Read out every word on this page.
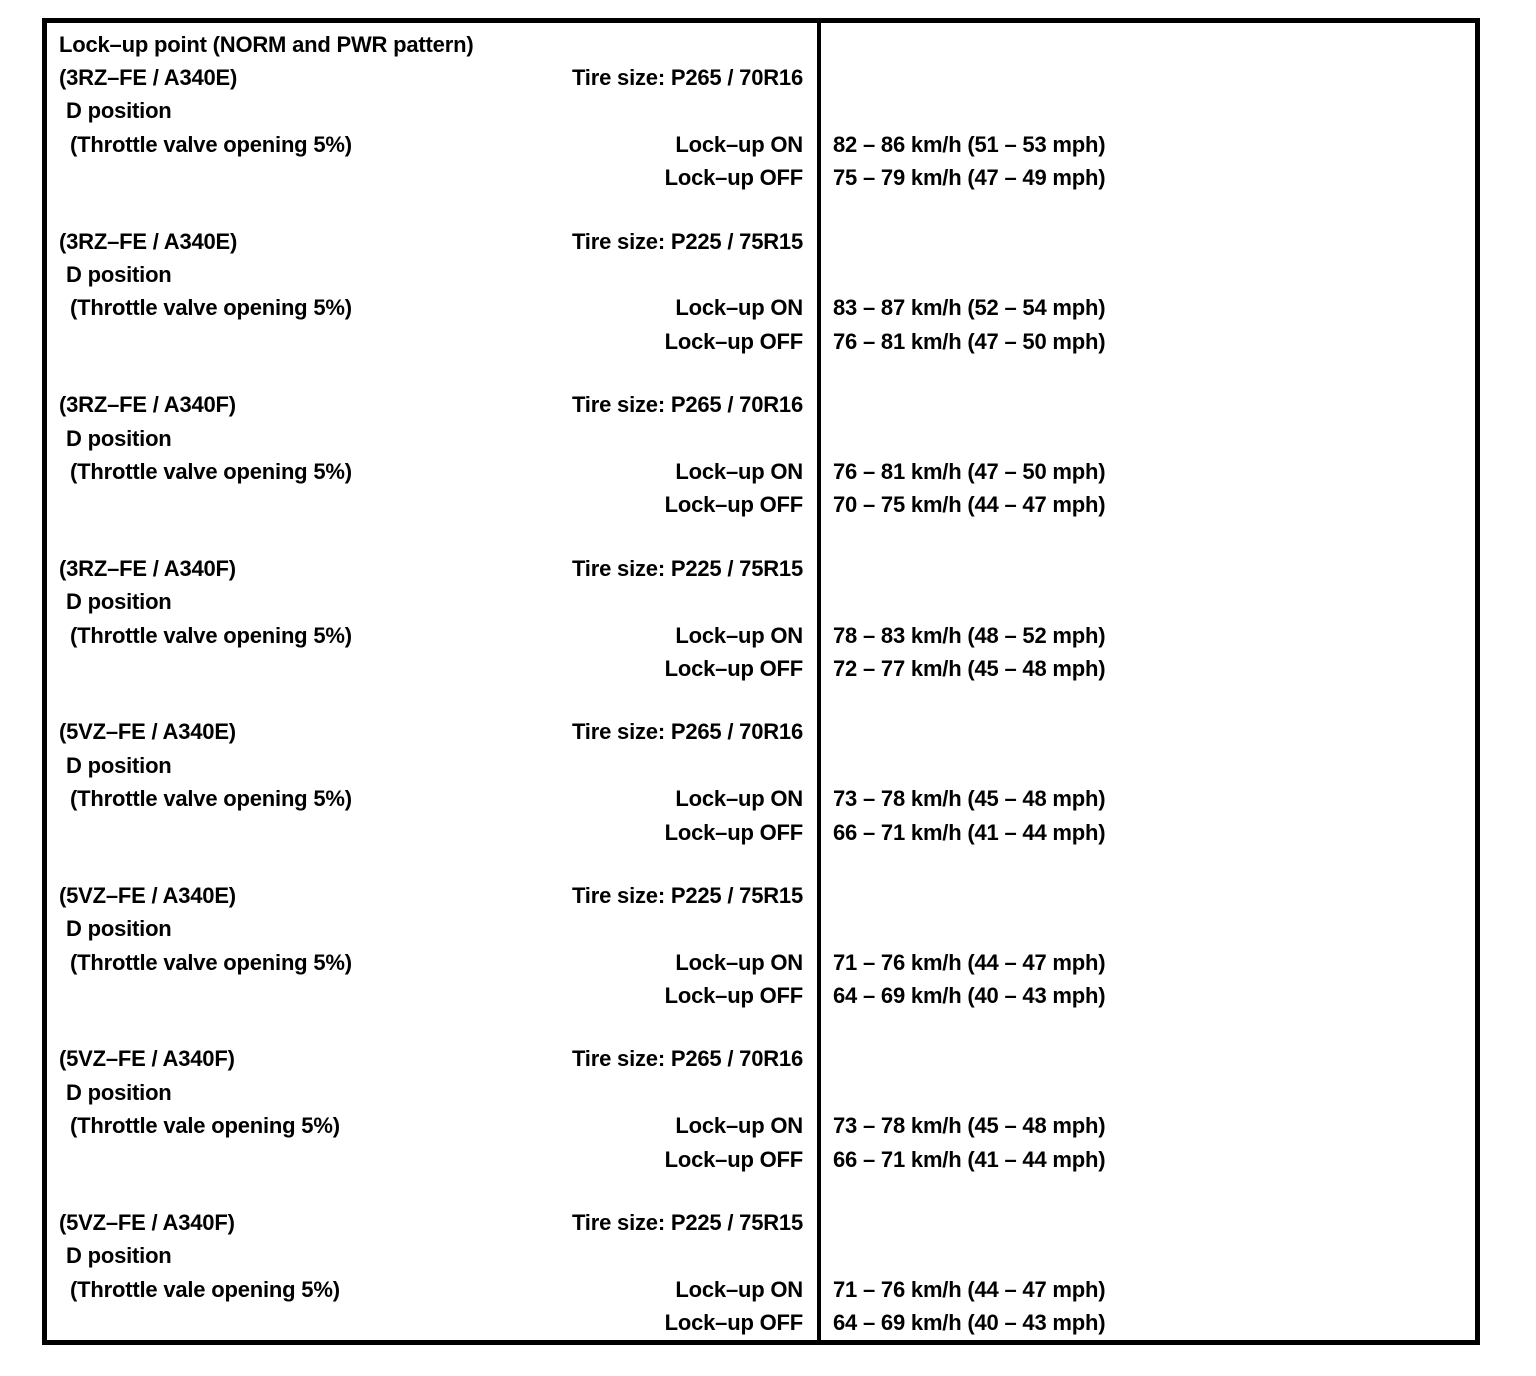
Lock–up point (NORM and PWR pattern)
(3RZ–FE / A340E)	Tire size: P265 / 70R16
D position
(Throttle valve opening 5%)	Lock–up ON	82 – 86 km/h (51 – 53 mph)
Lock–up OFF	75 – 79 km/h (47 – 49 mph)
(3RZ–FE / A340E)	Tire size: P225 / 75R15
D position
(Throttle valve opening 5%)	Lock–up ON	83 – 87 km/h (52 – 54 mph)
Lock–up OFF	76 – 81 km/h (47 – 50 mph)
(3RZ–FE / A340F)	Tire size: P265 / 70R16
D position
(Throttle valve opening 5%)	Lock–up ON	76 – 81 km/h (47 – 50 mph)
Lock–up OFF	70 – 75 km/h (44 – 47 mph)
(3RZ–FE / A340F)	Tire size: P225 / 75R15
D position
(Throttle valve opening 5%)	Lock–up ON	78 – 83 km/h (48 – 52 mph)
Lock–up OFF	72 – 77 km/h (45 – 48 mph)
(5VZ–FE / A340E)	Tire size: P265 / 70R16
D position
(Throttle valve opening 5%)	Lock–up ON	73 – 78 km/h (45 – 48 mph)
Lock–up OFF	66 – 71 km/h (41 – 44 mph)
(5VZ–FE / A340E)	Tire size: P225 / 75R15
D position
(Throttle valve opening 5%)	Lock–up ON	71 – 76 km/h (44 – 47 mph)
Lock–up OFF	64 – 69 km/h (40 – 43 mph)
(5VZ–FE / A340F)	Tire size: P265 / 70R16
D position
(Throttle vale opening 5%)	Lock–up ON	73 – 78 km/h (45 – 48 mph)
Lock–up OFF	66 – 71 km/h (41 – 44 mph)
(5VZ–FE / A340F)	Tire size: P225 / 75R15
D position
(Throttle vale opening 5%)	Lock–up ON	71 – 76 km/h (44 – 47 mph)
Lock–up OFF	64 – 69 km/h (40 – 43 mph)
